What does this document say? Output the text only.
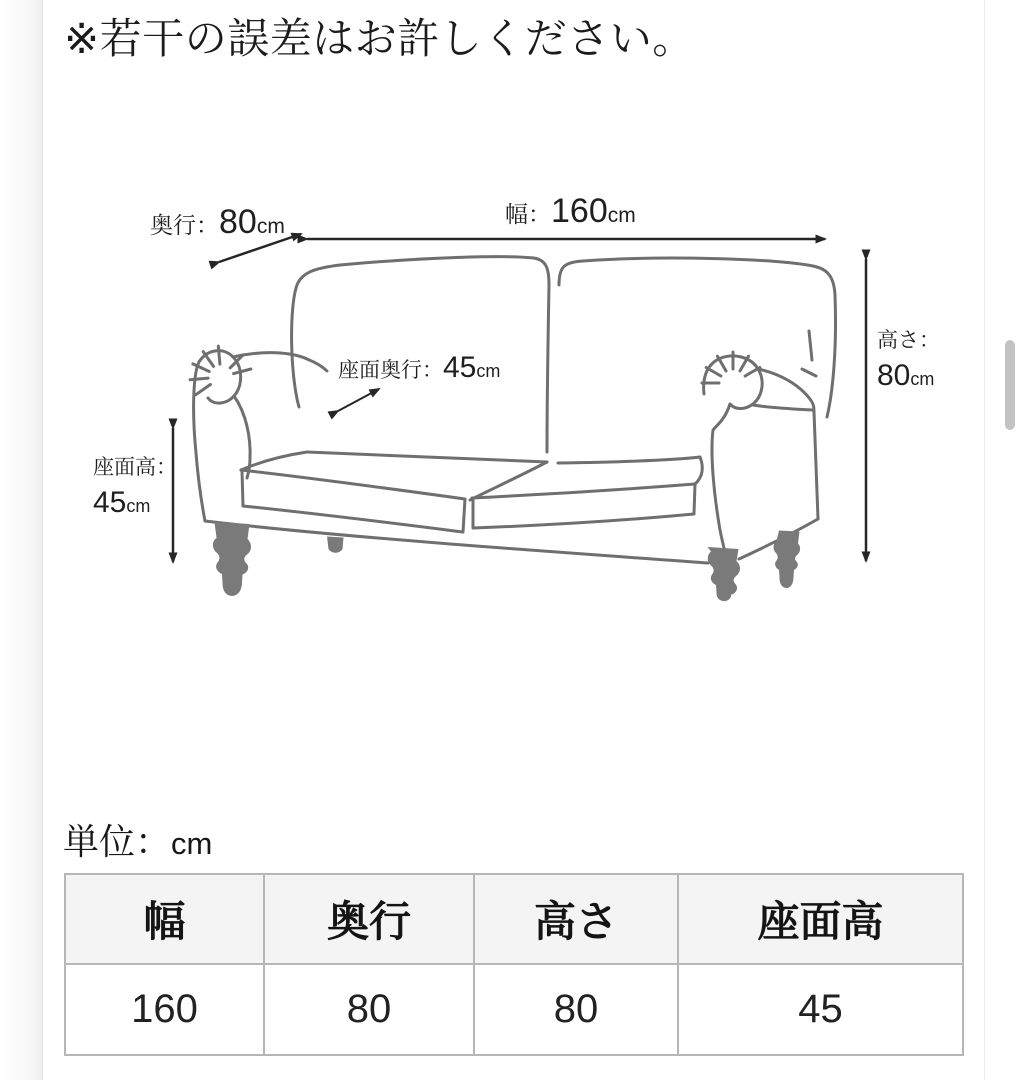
※若干の誤差はお許しください。
奥行： 80 cm	幅： 160 cm
座面奥行： 45 cm
高さ：
80 cm
座面高：
45 cm
単位： cm
幅	奥行	高さ	座面高
160	80	80	45
